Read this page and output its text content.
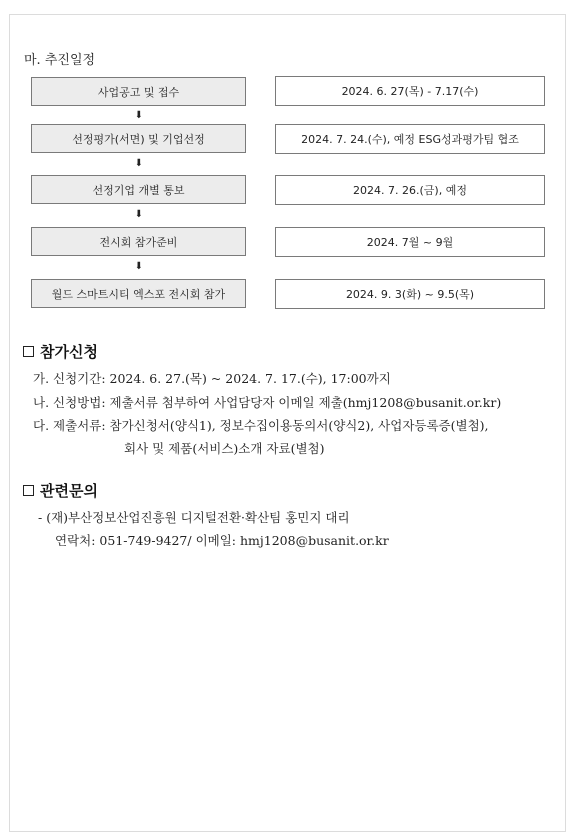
마. 추진일정
사업공고 및 접수	2024. 6. 27(목) - 7.17(수)
⬇
선정평가(서면) 및 기업선정	2024. 7. 24.(수), 예정 ESG성과평가팀 협조
⬇
선정기업 개별 통보	2024. 7. 26.(금), 예정
⬇
전시회 참가준비	2024. 7월 ~ 9월
⬇
월드 스마트시티 엑스포 전시회 참가	2024. 9. 3(화) ~ 9.5(목)
참가신청
가. 신청기간: 2024. 6. 27.(목) ~ 2024. 7. 17.(수), 17:00까지
나. 신청방법: 제출서류 첨부하여 사업담당자 이메일 제출(hmj1208@busanit.or.kr)
다. 제출서류: 참가신청서(양식1), 정보수집이용동의서(양식2), 사업자등록증(별첨),
회사 및 제품(서비스)소개 자료(별첨)
관련문의
- (재)부산정보산업진흥원 디지털전환·확산팀 홍민지 대리
연락처: 051-749-9427/ 이메일: hmj1208@busanit.or.kr
